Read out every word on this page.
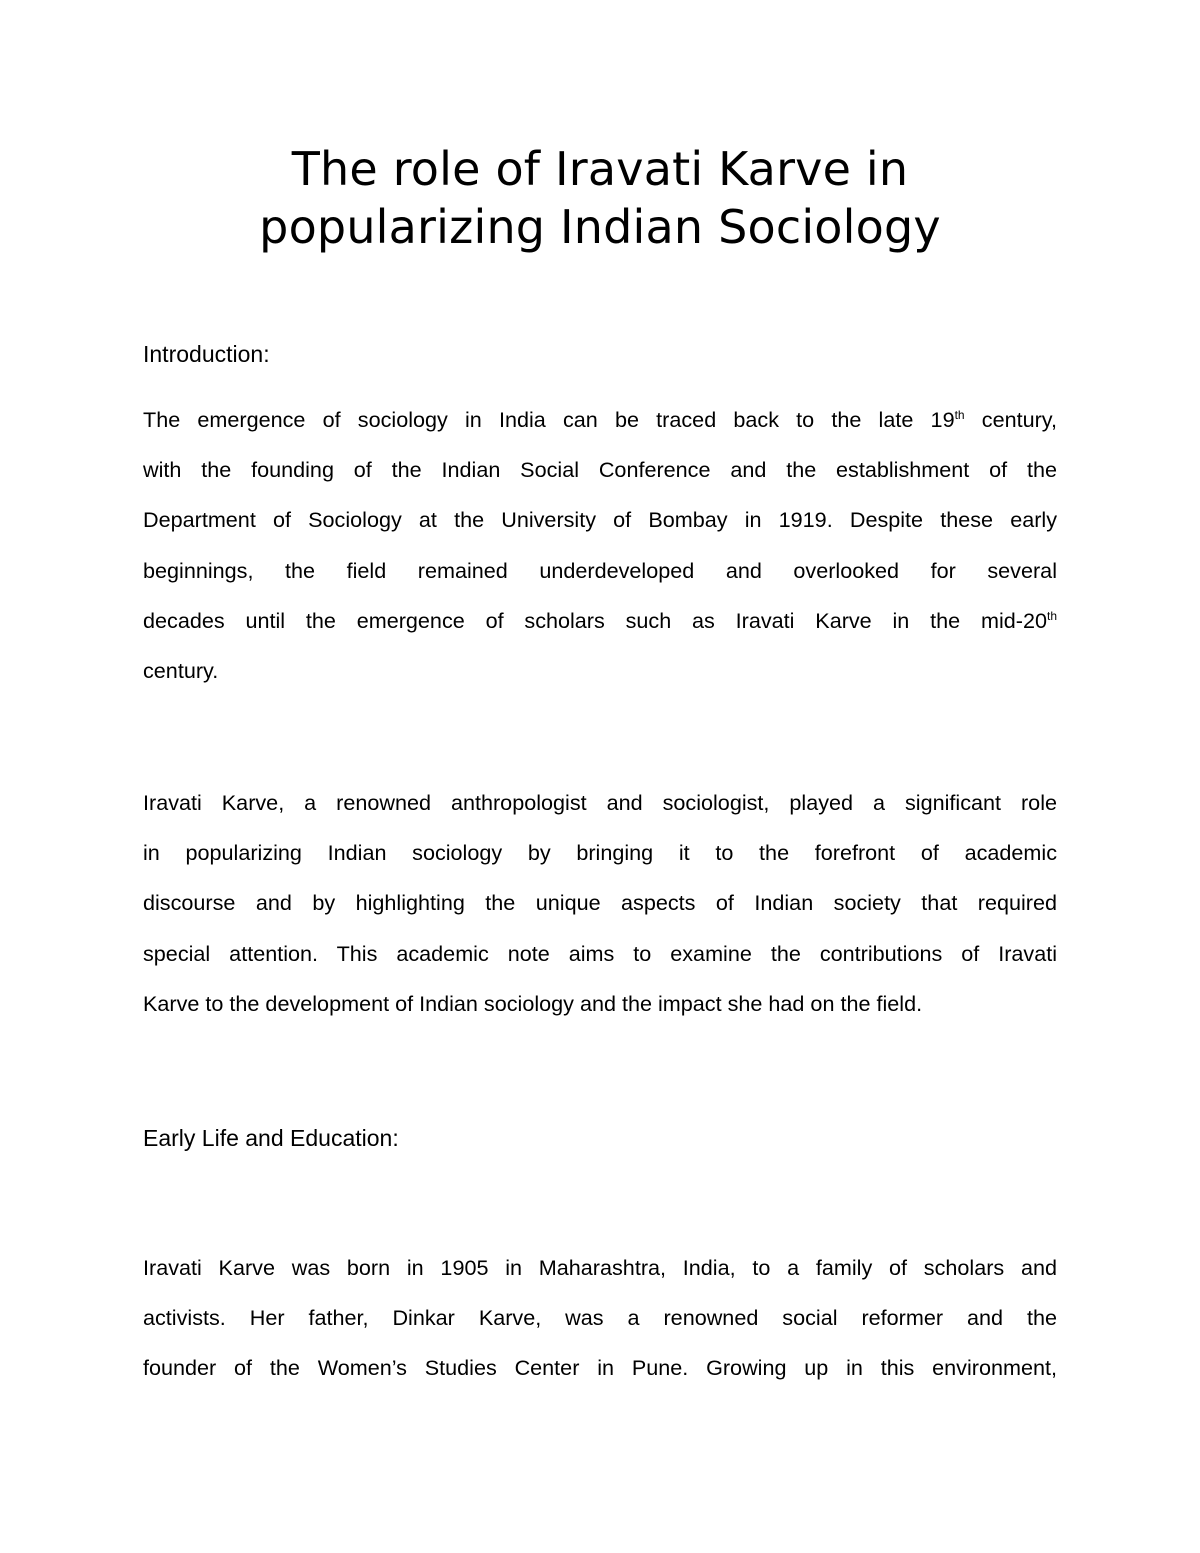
The role of Iravati Karve in
popularizing Indian Sociology

Introduction:

The emergence of sociology in India can be traced back to the late 19th century,
with the founding of the Indian Social Conference and the establishment of the
Department of Sociology at the University of Bombay in 1919. Despite these early
beginnings, the field remained underdeveloped and overlooked for several
decades until the emergence of scholars such as Iravati Karve in the mid-20th
century.
Iravati Karve, a renowned anthropologist and sociologist, played a significant role
in popularizing Indian sociology by bringing it to the forefront of academic
discourse and by highlighting the unique aspects of Indian society that required
special attention. This academic note aims to examine the contributions of Iravati
Karve to the development of Indian sociology and the impact she had on the field.

Early Life and Education:

Iravati Karve was born in 1905 in Maharashtra, India, to a family of scholars and
activists. Her father, Dinkar Karve, was a renowned social reformer and the
founder of the Women’s Studies Center in Pune. Growing up in this environment,
